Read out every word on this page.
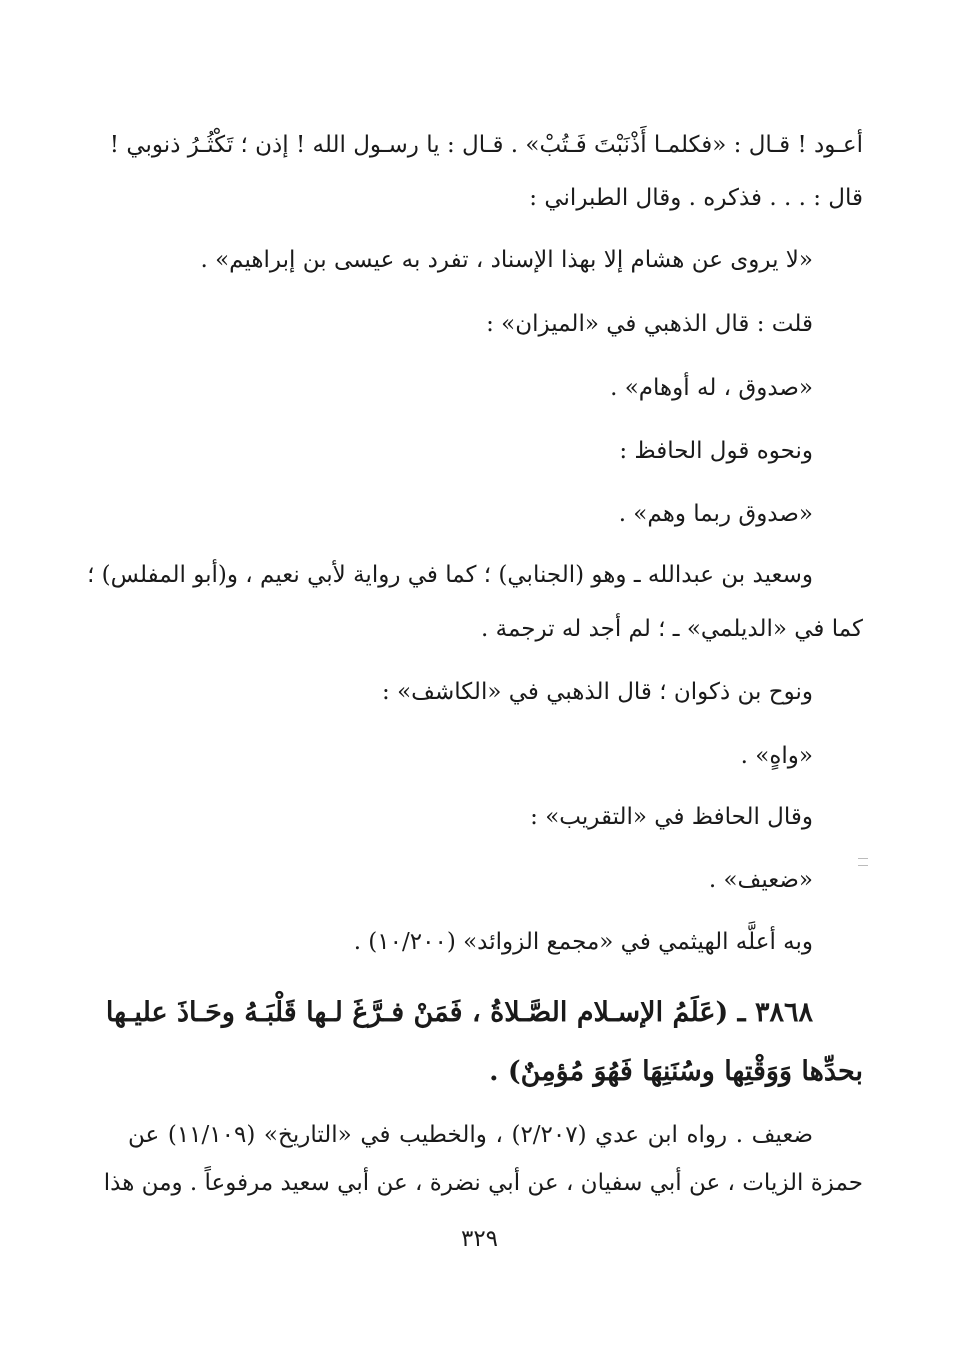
أعـود ! قـال : «فكلمـا أَذْنَبْتَ فَـتُبْ» . قـال : يا رسـول الله ! إذن ؛ تَكْثُـرُ ذنوبي !
قال : . . . فذكره . وقال الطبراني :
«لا يروى عن هشام إلا بهذا الإسناد ، تفرد به عيسى بن إبراهيم» .
قلت : قال الذهبي في «الميزان» :
«صدوق ، له أوهام» .
ونحوه قول الحافظ :
«صدوق ربما وهم» .
وسعيد بن عبدالله ـ وهو (الجنابي) ؛ كما في رواية لأبي نعيم ، و(أبو المفلس) ؛
كما في «الديلمي» ـ ؛ لم أجد له ترجمة .
ونوح بن ذكوان ؛ قال الذهبي في «الكاشف» :
«واهٍ» .
وقال الحافظ في «التقريب» :
«ضعيف» .
وبه أعلَّه الهيثمي في «مجمع الزوائد» (١٠/٢٠٠) .
٣٨٦٨ ـ (عَلَمُ الإسـلام الصَّـلاةُ ، فَمَنْ فـرَّغَ لـها قَلْبَـهُ وحَـاذَ عليـها
بحدِّها وَوَقْتِها وسُنَنِهَا فَهُوَ مُؤمِنٌ) .
ضعيف . رواه ابن عدي (٢/٢٠٧) ، والخطيب في «التاريخ» (١١/١٠٩) عن
حمزة الزيات ، عن أبي سفيان ، عن أبي نضرة ، عن أبي سعيد مرفوعاً . ومن هذا
٣٢٩
